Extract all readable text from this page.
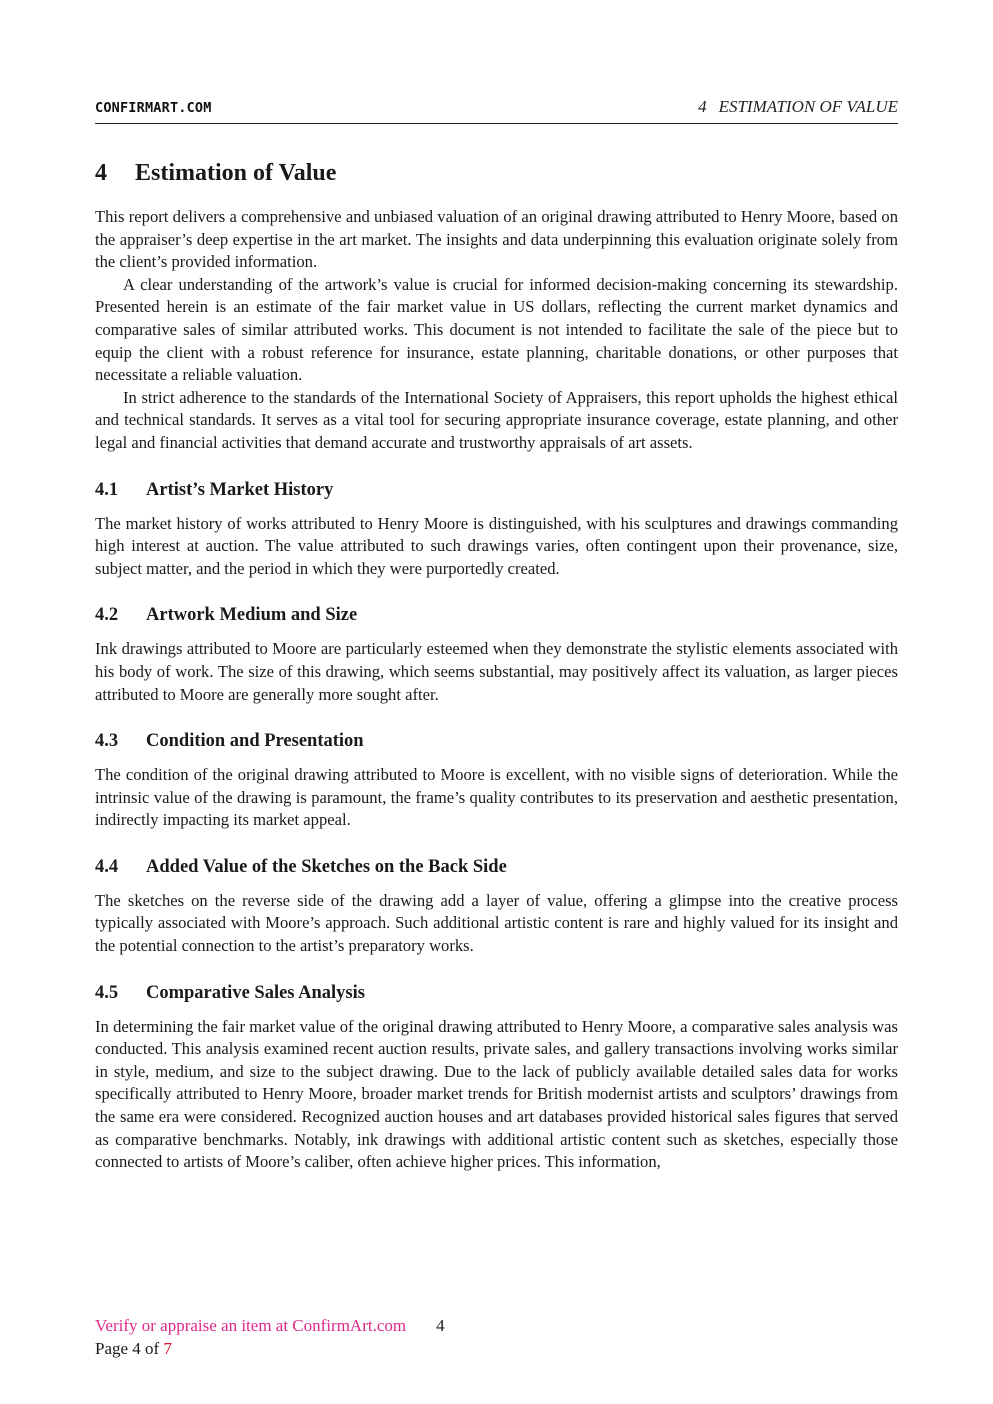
CONFIRMART.COM	4 ESTIMATION OF VALUE
4 Estimation of Value

This report delivers a comprehensive and unbiased valuation of an original drawing attributed to Henry Moore, based on the appraiser’s deep expertise in the art market. The insights and data underpinning this evaluation originate solely from the client’s provided information.

A clear understanding of the artwork’s value is crucial for informed decision-making concerning its stewardship. Presented herein is an estimate of the fair market value in US dollars, reflecting the current market dynamics and comparative sales of similar attributed works. This document is not intended to facilitate the sale of the piece but to equip the client with a robust reference for insurance, estate planning, charitable donations, or other purposes that necessitate a reliable valuation.

In strict adherence to the standards of the International Society of Appraisers, this report upholds the highest ethical and technical standards. It serves as a vital tool for securing appropriate insurance coverage, estate planning, and other legal and financial activities that demand accurate and trustworthy appraisals of art assets.

4.1 Artist’s Market History

The market history of works attributed to Henry Moore is distinguished, with his sculptures and drawings commanding high interest at auction. The value attributed to such drawings varies, often contingent upon their provenance, size, subject matter, and the period in which they were purportedly created.

4.2 Artwork Medium and Size

Ink drawings attributed to Moore are particularly esteemed when they demonstrate the stylistic elements associated with his body of work. The size of this drawing, which seems substantial, may positively affect its valuation, as larger pieces attributed to Moore are generally more sought after.

4.3 Condition and Presentation

The condition of the original drawing attributed to Moore is excellent, with no visible signs of deterioration. While the intrinsic value of the drawing is paramount, the frame’s quality contributes to its preservation and aesthetic presentation, indirectly impacting its market appeal.

4.4 Added Value of the Sketches on the Back Side

The sketches on the reverse side of the drawing add a layer of value, offering a glimpse into the creative process typically associated with Moore’s approach. Such additional artistic content is rare and highly valued for its insight and the potential connection to the artist’s preparatory works.

4.5 Comparative Sales Analysis

In determining the fair market value of the original drawing attributed to Henry Moore, a comparative sales analysis was conducted. This analysis examined recent auction results, private sales, and gallery transactions involving works similar in style, medium, and size to the subject drawing. Due to the lack of publicly available detailed sales data for works specifically attributed to Henry Moore, broader market trends for British modernist artists and sculptors’ drawings from the same era were considered. Recognized auction houses and art databases provided historical sales figures that served as comparative benchmarks. Notably, ink drawings with additional artistic content such as sketches, especially those connected to artists of Moore’s caliber, often achieve higher prices. This information,

Verify or appraise an item at ConfirmArt.com 4
Page 4 of 7
